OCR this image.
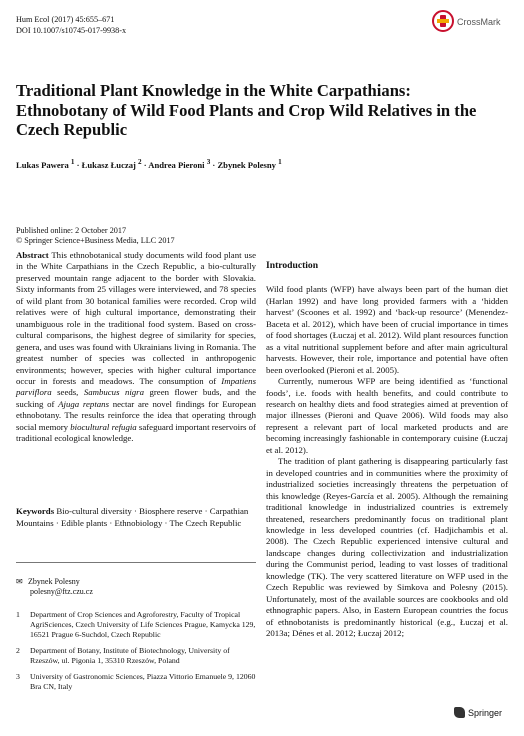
Hum Ecol (2017) 45:655–671
DOI 10.1007/s10745-017-9938-x
CrossMark
Traditional Plant Knowledge in the White Carpathians: Ethnobotany of Wild Food Plants and Crop Wild Relatives in the Czech Republic
Lukas Pawera $^1$ · Łukasz Łuczaj $^2$ · Andrea Pieroni $^3$ · Zbynek Polesny $^1$
Published online: 2 October 2017
© Springer Science+Business Media, LLC 2017
Abstract This ethnobotanical study documents wild food plant use in the White Carpathians in the Czech Republic, a bio-culturally preserved mountain range adjacent to the border with Slovakia. Sixty informants from 25 villages were interviewed, and 78 species of wild plant from 30 botanical families were recorded. Crop wild relatives were of high cultural importance, demonstrating their unambiguous role in the traditional food system. Based on cross-cultural comparisons, the highest degree of similarity for species, genera, and uses was found with Ukrainians living in Romania. The greatest number of species was collected in anthropogenic environments; however, species with higher cultural importance occur in forests and meadows. The consumption of Impatiens parviflora seeds, Sambucus nigra green flower buds, and the sucking of Ajuga reptans nectar are novel findings for European ethnobotany. The results reinforce the idea that operating through social memory biocultural refugia safeguard important reservoirs of traditional ecological knowledge.
Keywords Bio-cultural diversity · Biosphere reserve · Carpathian Mountains · Edible plants · Ethnobiology · The Czech Republic
✉ Zbynek Polesny
polesny@ftz.czu.cz
1 Department of Crop Sciences and Agroforestry, Faculty of Tropical AgriSciences, Czech University of Life Sciences Prague, Kamycka 129, 16521 Prague 6-Suchdol, Czech Republic
2 Department of Botany, Institute of Biotechnology, University of Rzeszów, ul. Pigonia 1, 35310 Rzeszów, Poland
3 University of Gastronomic Sciences, Piazza Vittorio Emanuele 9, 12060 Bra CN, Italy
Introduction

Wild food plants (WFP) have always been part of the human diet (Harlan 1992) and have long provided farmers with a ‘hidden harvest’ (Scoones et al. 1992) and ‘back-up resource’ (Menendez-Baceta et al. 2012), which have been of crucial importance in times of food shortages (Łuczaj et al. 2012). Wild plant resources function as a vital nutritional supplement before and after main agricultural harvests. However, their role, importance and potential have often been overlooked (Pieroni et al. 2005).

Currently, numerous WFP are being identified as ‘functional foods’, i.e. foods with health benefits, and could contribute to research on healthy diets and food strategies aimed at prevention of major illnesses (Pieroni and Quave 2006). Wild foods may also represent a relevant part of local marketed products and are becoming increasingly fashionable in contemporary cuisine (Łuczaj et al. 2012).

The tradition of plant gathering is disappearing particularly fast in developed countries and in communities where the proximity of industrialized societies increasingly threatens the perpetuation of this knowledge (Reyes-García et al. 2005). Although the remaining traditional knowledge in industrialized countries is extremely threatened, researchers predominantly focus on traditional plant knowledge in less developed countries (cf. Hadjichambis et al. 2008). The Czech Republic experienced intensive cultural and landscape changes during collectivization and industrialization during the Communist period, leading to vast losses of traditional knowledge (TK). The very scattered literature on WFP used in the Czech Republic was reviewed by Simkova and Polesny (2015). Unfortunately, most of the available sources are cookbooks and old ethnographic papers. Also, in Eastern European countries the focus of ethnobotanists is predominantly historical (e.g., Łuczaj et al. 2013a; Dénes et al. 2012; Łuczaj 2012;

Springer
